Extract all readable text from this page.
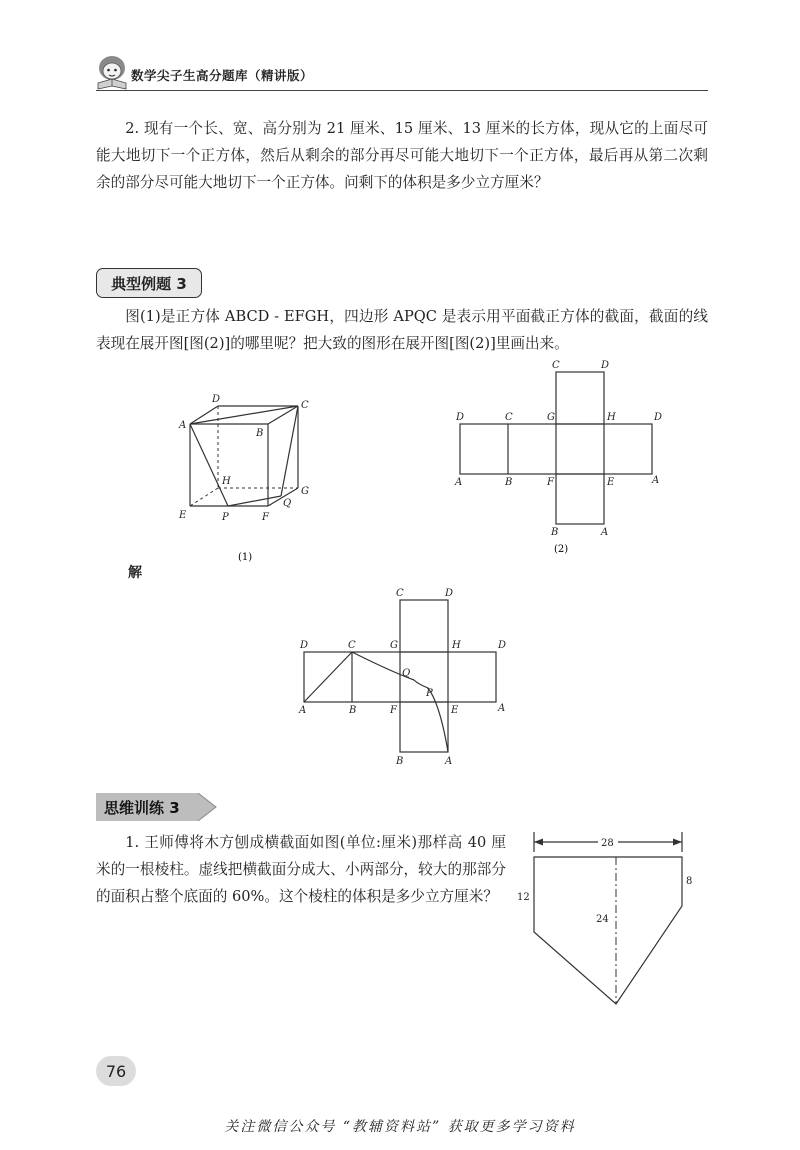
数学尖子生高分题库（精讲版）

2. 现有一个长、宽、高分别为 21 厘米、15 厘米、13 厘米的长方体，现从它的上面尽可能大地切下一个正方体，然后从剩余的部分再尽可能大地切下一个正方体，最后再从第二次剩余的部分尽可能大地切下一个正方体。问剩下的体积是多少立方厘米？

典型例题 3

图(1)是正方体 ABCD - EFGH，四边形 APQC 是表示用平面截正方体的截面，截面的线表现在展开图[图(2)]的哪里呢？把大致的图形在展开图[图(2)]里画出来。

D
C
A
B
H
G
Q
E	P	F
(1)
C	D
D	C	G	H	D
A	B	F	E	A
B	A
(2)
解
C	D
D	C	G	H	D
Q
P
A	B	F	E	A
B	A
思维训练 3

1. 王师傅将木方刨成横截面如图(单位:厘米)那样高 40 厘米的一根棱柱。虚线把横截面分成大、小两部分，较大的那部分的面积占整个底面的 60%。这个棱柱的体积是多少立方厘米？

28
12
8
24
76
关注微信公众号 “教辅资料站” 获取更多学习资料
